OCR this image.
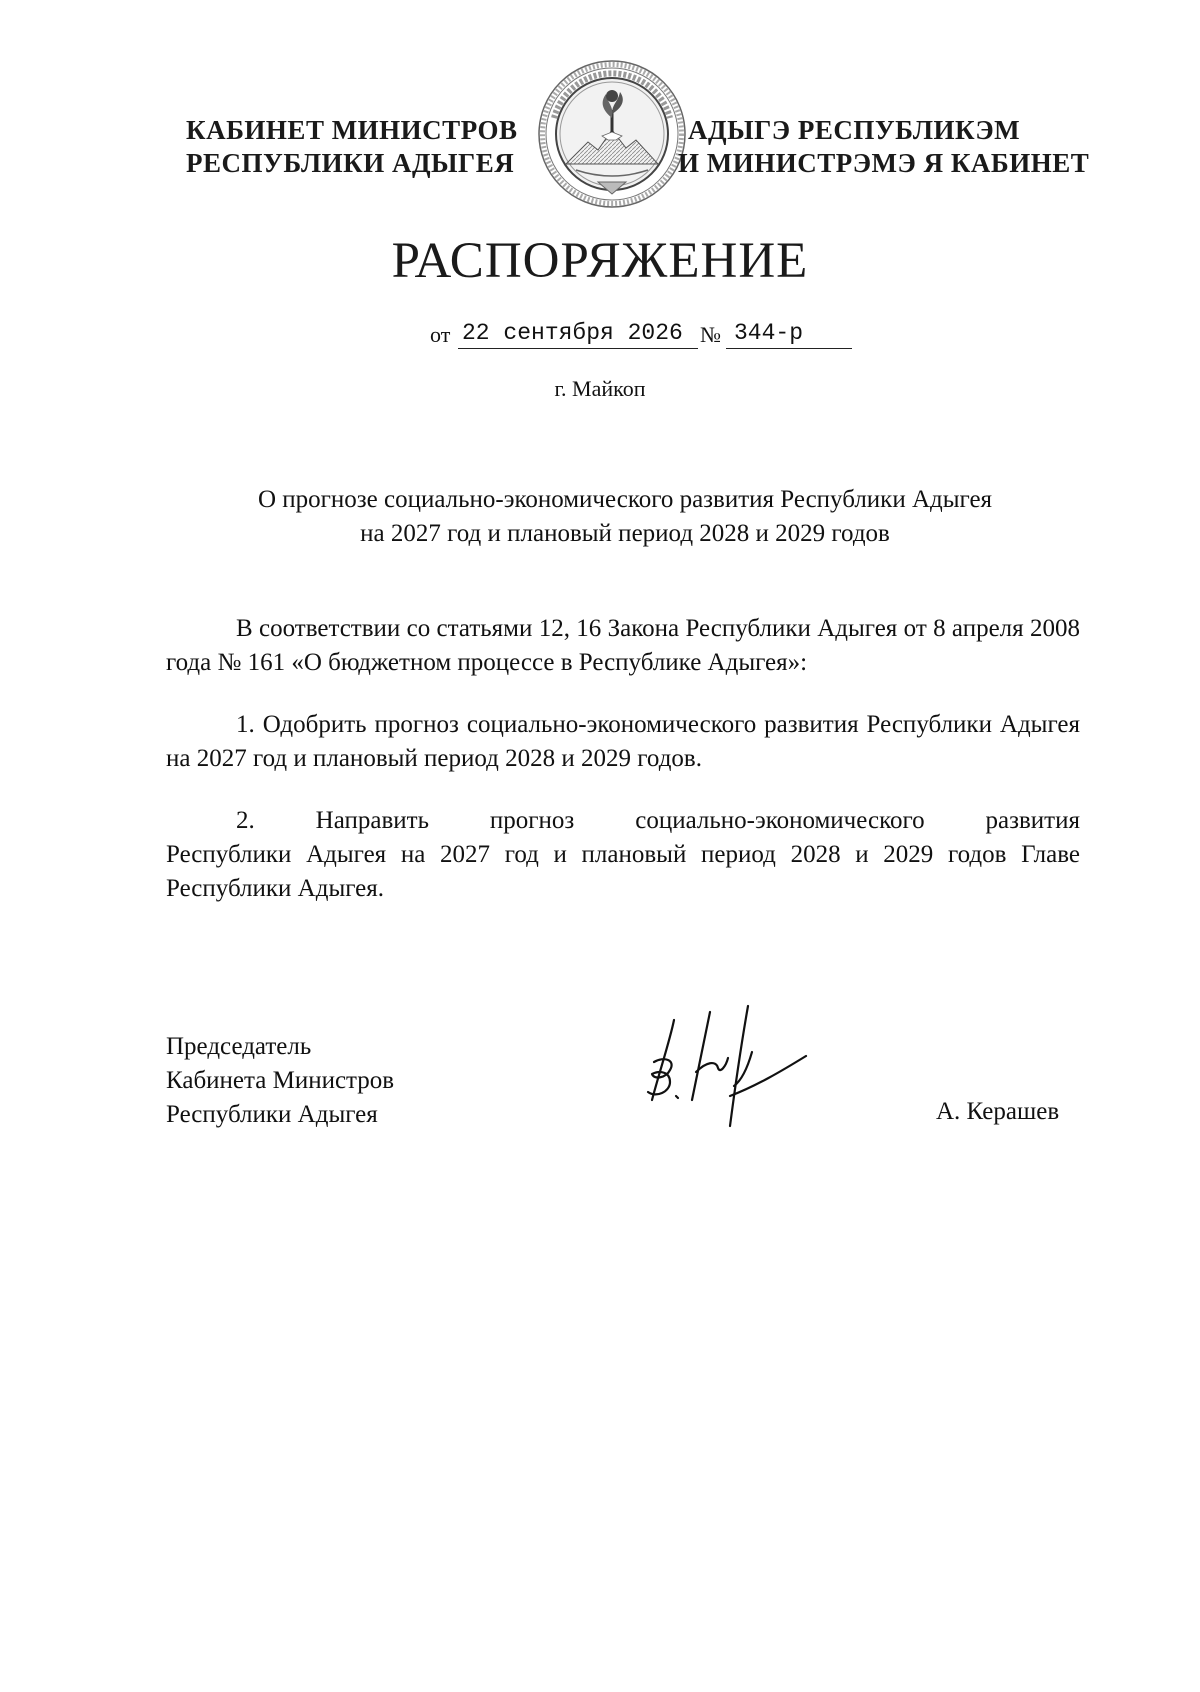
КАБИНЕТ МИНИСТРОВ
РЕСПУБЛИКИ АДЫГЕЯ
АДЫГЭ РЕСПУБЛИКЭМ
И МИНИСТРЭМЭ Я КАБИНЕТ
РАСПОРЯЖЕНИЕ
от 22 сентября 2026 № 344-р
г. Майкоп
О прогнозе социально-экономического развития Республики Адыгея
на 2027 год и плановый период 2028 и 2029 годов
В соответствии со статьями 12, 16 Закона Республики Адыгея от 8 апреля 2008 года № 161 «О бюджетном процессе в Республике Адыгея»:
1. Одобрить прогноз социально-экономического развития Республики Адыгея на 2027 год и плановый период 2028 и 2029 годов.
2. Направить прогноз социально-экономического развития
Республики Адыгея на 2027 год и плановый период 2028 и 2029 годов Главе Республики Адыгея.
Председатель
Кабинета Министров
Республики Адыгея	А. Керашев
